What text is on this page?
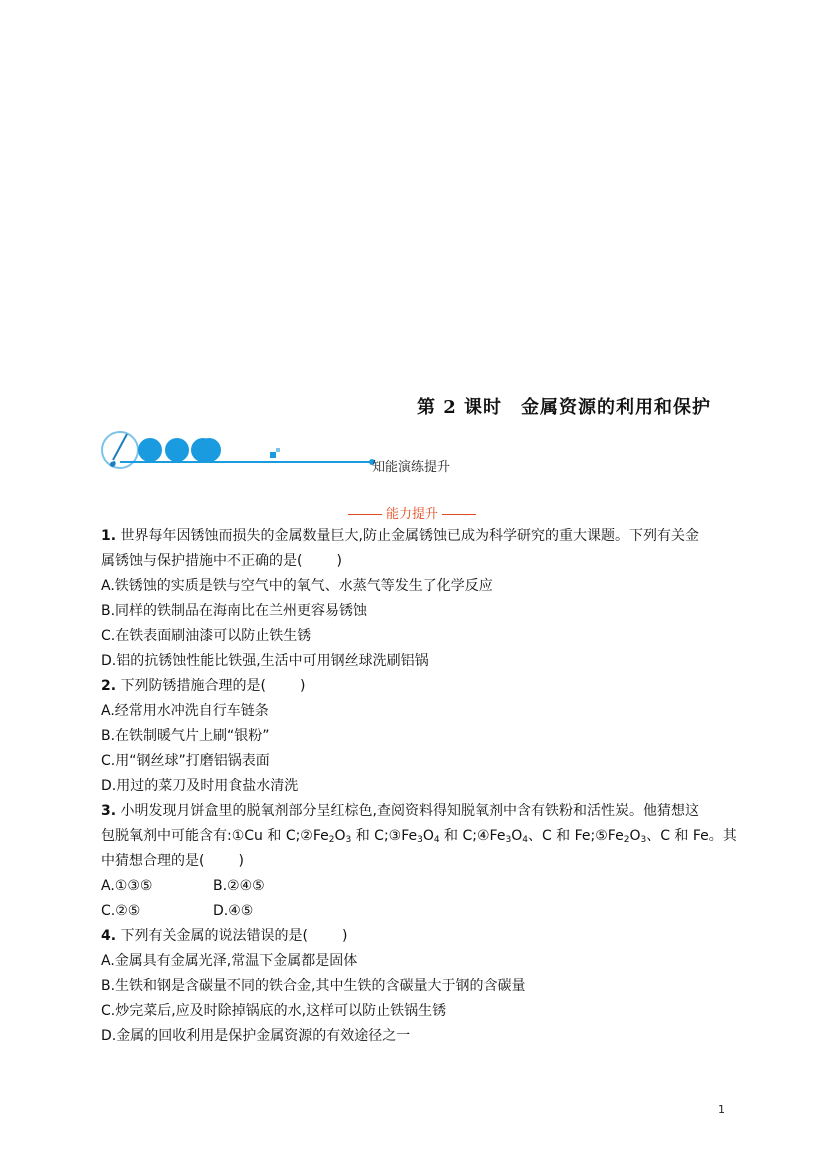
第 2 课时　金属资源的利用和保护
知能演练提升
能力提升
1. 世界每年因锈蚀而损失的金属数量巨大,防止金属锈蚀已成为科学研究的重大课题。下列有关金
属锈蚀与保护措施中不正确的是( )
A.铁锈蚀的实质是铁与空气中的氧气、水蒸气等发生了化学反应
B.同样的铁制品在海南比在兰州更容易锈蚀
C.在铁表面刷油漆可以防止铁生锈
D.铝的抗锈蚀性能比铁强,生活中可用钢丝球洗刷铝锅
2. 下列防锈措施合理的是( )
A.经常用水冲洗自行车链条
B.在铁制暖气片上刷“银粉”
C.用“钢丝球”打磨铝锅表面
D.用过的菜刀及时用食盐水清洗
3. 小明发现月饼盒里的脱氧剂部分呈红棕色,查阅资料得知脱氧剂中含有铁粉和活性炭。他猜想这
包脱氧剂中可能含有:①Cu 和 $C;②Fe_2O_3$ 和 $C;③Fe_3O_4$ 和 $C;④Fe_3O_4$、C 和 $Fe;⑤Fe_2O_3$、C 和 Fe。其
中猜想合理的是( )
A.①③⑤	B.②④⑤
C.②⑤	D.④⑤
4. 下列有关金属的说法错误的是( )
A.金属具有金属光泽,常温下金属都是固体
B.生铁和钢是含碳量不同的铁合金,其中生铁的含碳量大于钢的含碳量
C.炒完菜后,应及时除掉锅底的水,这样可以防止铁锅生锈
D.金属的回收利用是保护金属资源的有效途径之一
1
